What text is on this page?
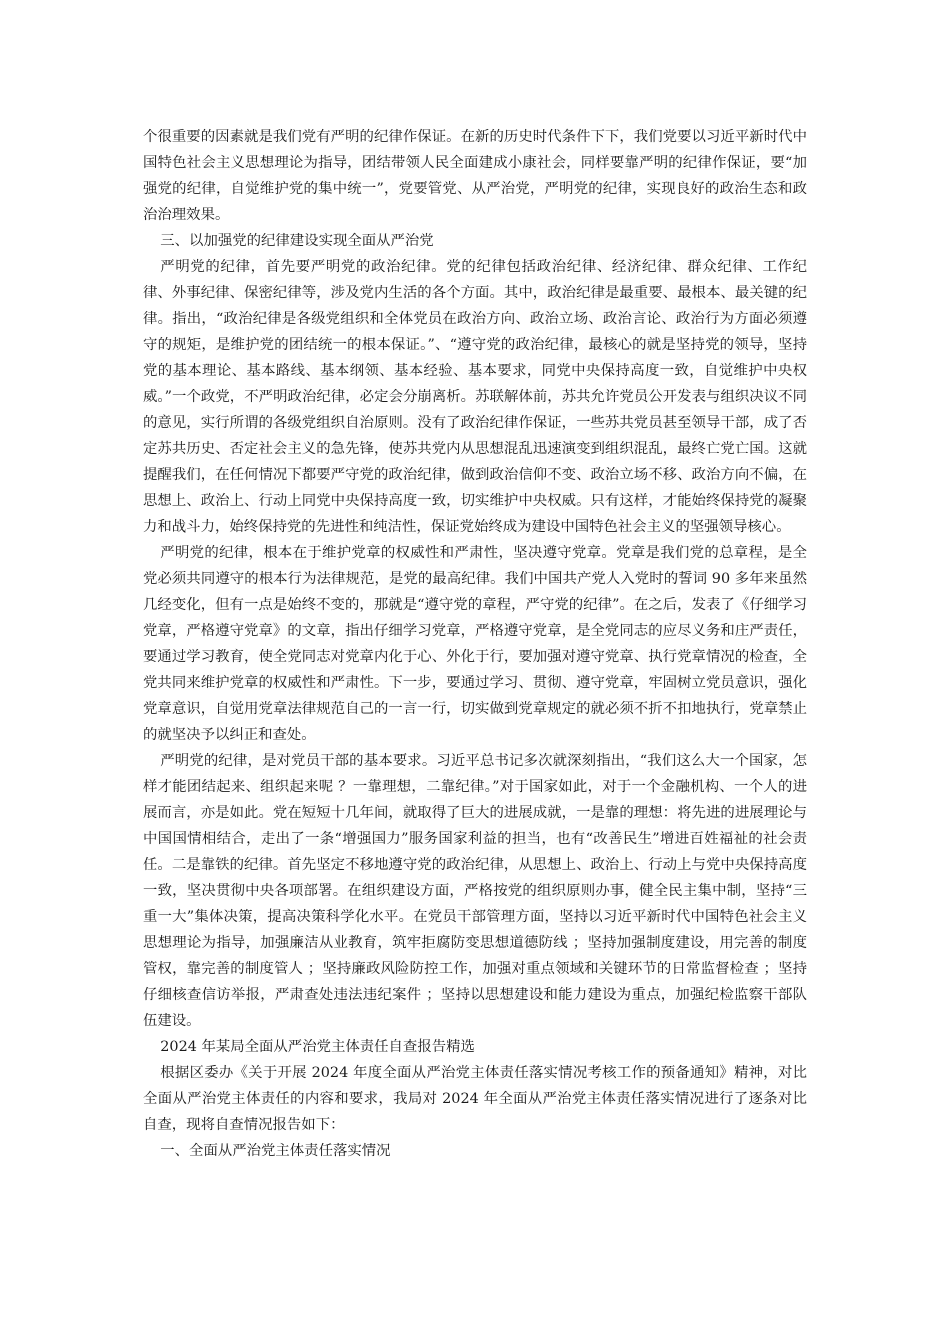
个很重要的因素就是我们党有严明的纪律作保证。在新的历史时代条件下下，我们党要以习近平新时代中国特色社会主义思想理论为指导，团结带领人民全面建成小康社会，同样要靠严明的纪律作保证，要“加强党的纪律，自觉维护党的集中统一”，党要管党、从严治党，严明党的纪律，实现良好的政治生态和政治治理效果。

三、以加强党的纪律建设实现全面从严治党

严明党的纪律，首先要严明党的政治纪律。党的纪律包括政治纪律、经济纪律、群众纪律、工作纪律、外事纪律、保密纪律等，涉及党内生活的各个方面。其中，政治纪律是最重要、最根本、最关键的纪律。指出，“政治纪律是各级党组织和全体党员在政治方向、政治立场、政治言论、政治行为方面必须遵守的规矩，是维护党的团结统一的根本保证。”、“遵守党的政治纪律，最核心的就是坚持党的领导，坚持党的基本理论、基本路线、基本纲领、基本经验、基本要求，同党中央保持高度一致，自觉维护中央权威。”一个政党，不严明政治纪律，必定会分崩离析。苏联解体前，苏共允许党员公开发表与组织决议不同的意见，实行所谓的各级党组织自治原则。没有了政治纪律作保证，一些苏共党员甚至领导干部，成了否定苏共历史、否定社会主义的急先锋，使苏共党内从思想混乱迅速演变到组织混乱，最终亡党亡国。这就提醒我们，在任何情况下都要严守党的政治纪律，做到政治信仰不变、政治立场不移、政治方向不偏，在思想上、政治上、行动上同党中央保持高度一致，切实维护中央权威。只有这样，才能始终保持党的凝聚力和战斗力，始终保持党的先进性和纯洁性，保证党始终成为建设中国特色社会主义的坚强领导核心。

严明党的纪律，根本在于维护党章的权威性和严肃性，坚决遵守党章。党章是我们党的总章程，是全党必须共同遵守的根本行为法律规范，是党的最高纪律。我们中国共产党人入党时的誓词 90 多年来虽然几经变化，但有一点是始终不变的，那就是“遵守党的章程，严守党的纪律”。在之后，发表了《仔细学习党章，严格遵守党章》的文章，指出仔细学习党章，严格遵守党章，是全党同志的应尽义务和庄严责任，要通过学习教育，使全党同志对党章内化于心、外化于行，要加强对遵守党章、执行党章情况的检查，全党共同来维护党章的权威性和严肃性。下一步，要通过学习、贯彻、遵守党章，牢固树立党员意识，强化党章意识，自觉用党章法律规范自己的一言一行，切实做到党章规定的就必须不折不扣地执行，党章禁止的就坚决予以纠正和查处。

严明党的纪律，是对党员干部的基本要求。习近平总书记多次就深刻指出，“我们这么大一个国家，怎样才能团结起来、组织起来呢 ？一靠理想，二靠纪律。”对于国家如此，对于一个金融机构、一个人的进展而言，亦是如此。党在短短十几年间，就取得了巨大的进展成就，一是靠的理想：将先进的进展理论与中国国情相结合，走出了一条“增强国力”服务国家利益的担当，也有“改善民生”增进百姓福祉的社会责任。二是靠铁的纪律。首先坚定不移地遵守党的政治纪律，从思想上、政治上、行动上与党中央保持高度一致，坚决贯彻中央各项部署。在组织建设方面，严格按党的组织原则办事，健全民主集中制，坚持“三重一大”集体决策，提高决策科学化水平。在党员干部管理方面，坚持以习近平新时代中国特色社会主义思想理论为指导，加强廉洁从业教育，筑牢拒腐防变思想道德防线 ；坚持加强制度建设，用完善的制度管权，靠完善的制度管人 ；坚持廉政风险防控工作，加强对重点领域和关键环节的日常监督检查 ；坚持仔细核查信访举报，严肃查处违法违纪案件 ；坚持以思想建设和能力建设为重点，加强纪检监察干部队伍建设。

2024 年某局全面从严治党主体责任自查报告精选

根据区委办《关于开展 2024 年度全面从严治党主体责任落实情况考核工作的预备通知》精神，对比全面从严治党主体责任的内容和要求，我局对 2024 年全面从严治党主体责任落实情况进行了逐条对比自查，现将自查情况报告如下：

一、全面从严治党主体责任落实情况
